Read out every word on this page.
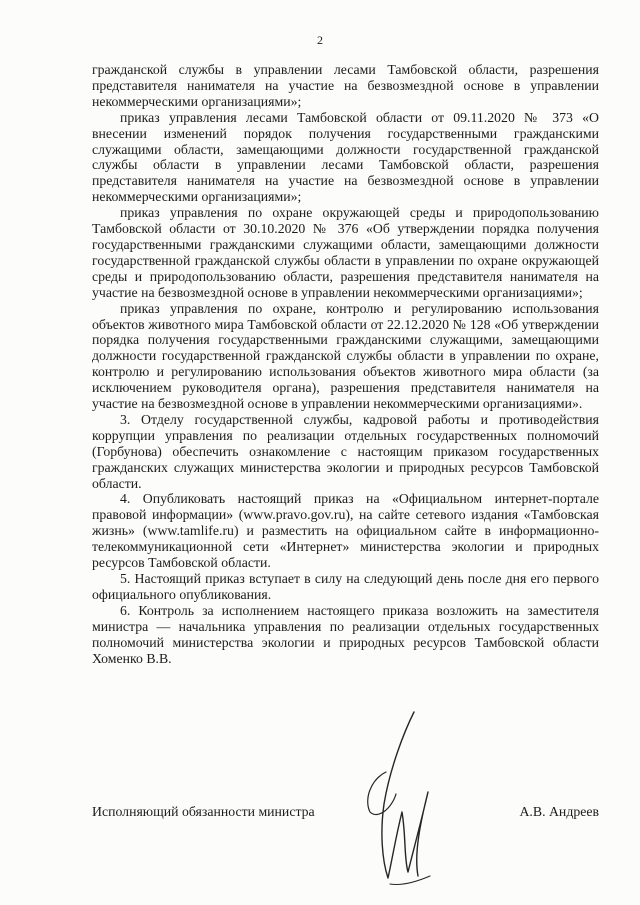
2

гражданской службы в управлении лесами Тамбовской области, разрешения представителя нанимателя на участие на безвозмездной основе в управлении некоммерческими организациями»;

приказ управления лесами Тамбовской области от 09.11.2020 № 373 «О внесении изменений порядок получения государственными гражданскими служащими области, замещающими должности государственной гражданской службы области в управлении лесами Тамбовской области, разрешения представителя нанимателя на участие на безвозмездной основе в управлении некоммерческими организациями»;

приказ управления по охране окружающей среды и природопользованию Тамбовской области от 30.10.2020 № 376 «Об утверждении порядка получения государственными гражданскими служащими области, замещающими должности государственной гражданской службы области в управлении по охране окружающей среды и природопользованию области, разрешения представителя нанимателя на участие на безвозмездной основе в управлении некоммерческими организациями»;

приказ управления по охране, контролю и регулированию использования объектов животного мира Тамбовской области от 22.12.2020 № 128 «Об утверждении порядка получения государственными гражданскими служащими, замещающими должности государственной гражданской службы области в управлении по охране, контролю и регулированию использования объектов животного мира области (за исключением руководителя органа), разрешения представителя нанимателя на участие на безвозмездной основе в управлении некоммерческими организациями».

3. Отделу государственной службы, кадровой работы и противодействия коррупции управления по реализации отдельных государственных полномочий (Горбунова) обеспечить ознакомление с настоящим приказом государственных гражданских служащих министерства экологии и природных ресурсов Тамбовской области.

4. Опубликовать настоящий приказ на «Официальном интернет-портале правовой информации» (www.pravo.gov.ru), на сайте сетевого издания «Тамбовская жизнь» (www.tamlife.ru) и разместить на официальном сайте в информационно-телекоммуникационной сети «Интернет» министерства экологии и природных ресурсов Тамбовской области.

5. Настоящий приказ вступает в силу на следующий день после дня его первого официального опубликования.

6. Контроль за исполнением настоящего приказа возложить на заместителя министра — начальника управления по реализации отдельных государственных полномочий министерства экологии и природных ресурсов Тамбовской области Хоменко В.В.

Исполняющий обязанности министра	А.В. Андреев
